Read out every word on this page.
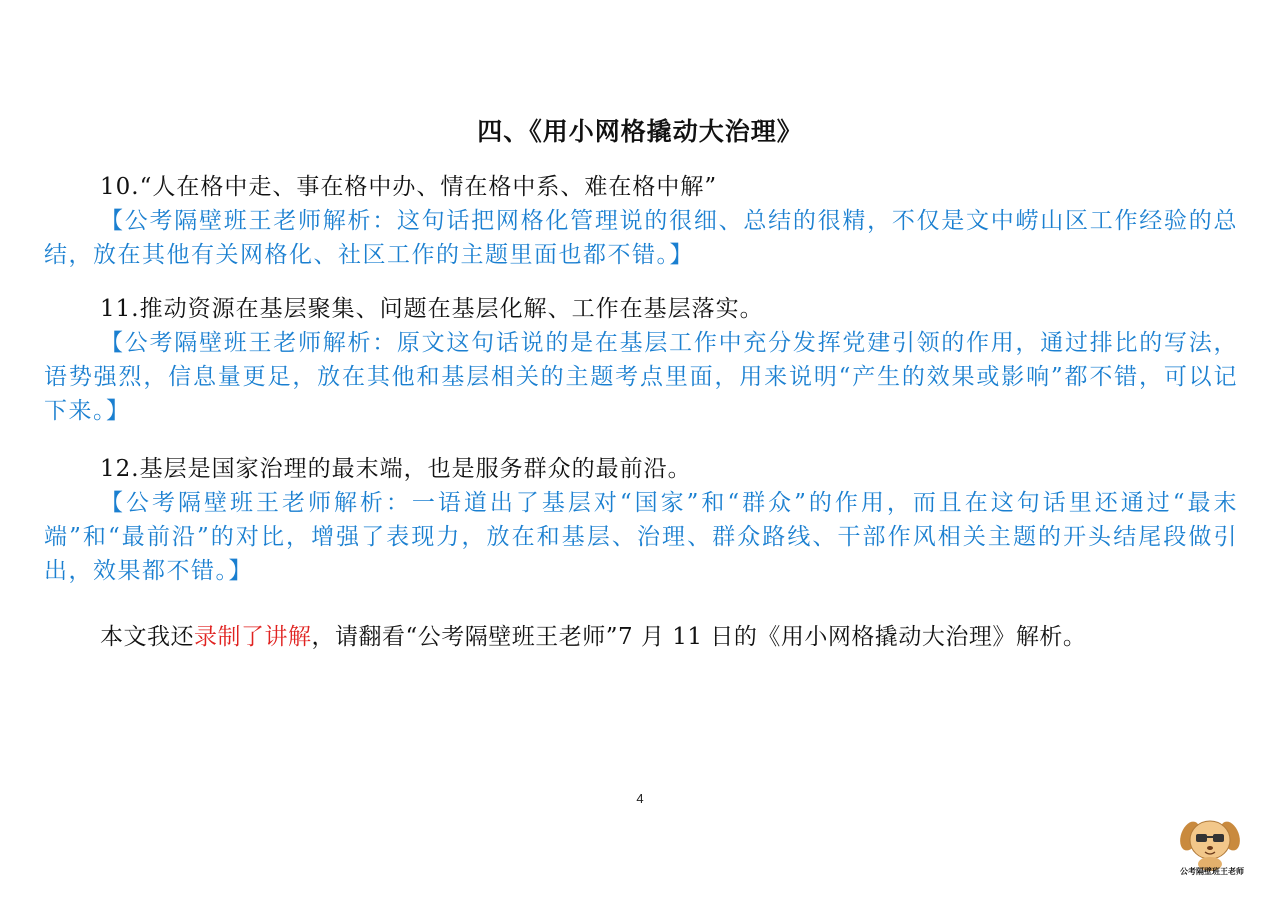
四、《用小网格撬动大治理》
10.“人在格中走、事在格中办、情在格中系、难在格中解”
【公考隔壁班王老师解析：这句话把网格化管理说的很细、总结的很精，不仅是文中崂山区工作经验的总结，放在其他有关网格化、社区工作的主题里面也都不错。】
11.推动资源在基层聚集、问题在基层化解、工作在基层落实。
【公考隔壁班王老师解析：原文这句话说的是在基层工作中充分发挥党建引领的作用，通过排比的写法，语势强烈，信息量更足，放在其他和基层相关的主题考点里面，用来说明“产生的效果或影响”都不错，可以记下来。】
12.基层是国家治理的最末端，也是服务群众的最前沿。
【公考隔壁班王老师解析：一语道出了基层对“国家”和“群众”的作用，而且在这句话里还通过“最末端”和“最前沿”的对比，增强了表现力，放在和基层、治理、群众路线、干部作风相关主题的开头结尾段做引出，效果都不错。】
本文我还录制了讲解，请翻看“公考隔壁班王老师”7 月 11 日的《用小网格撬动大治理》解析。
4
公考隔壁班王老师
